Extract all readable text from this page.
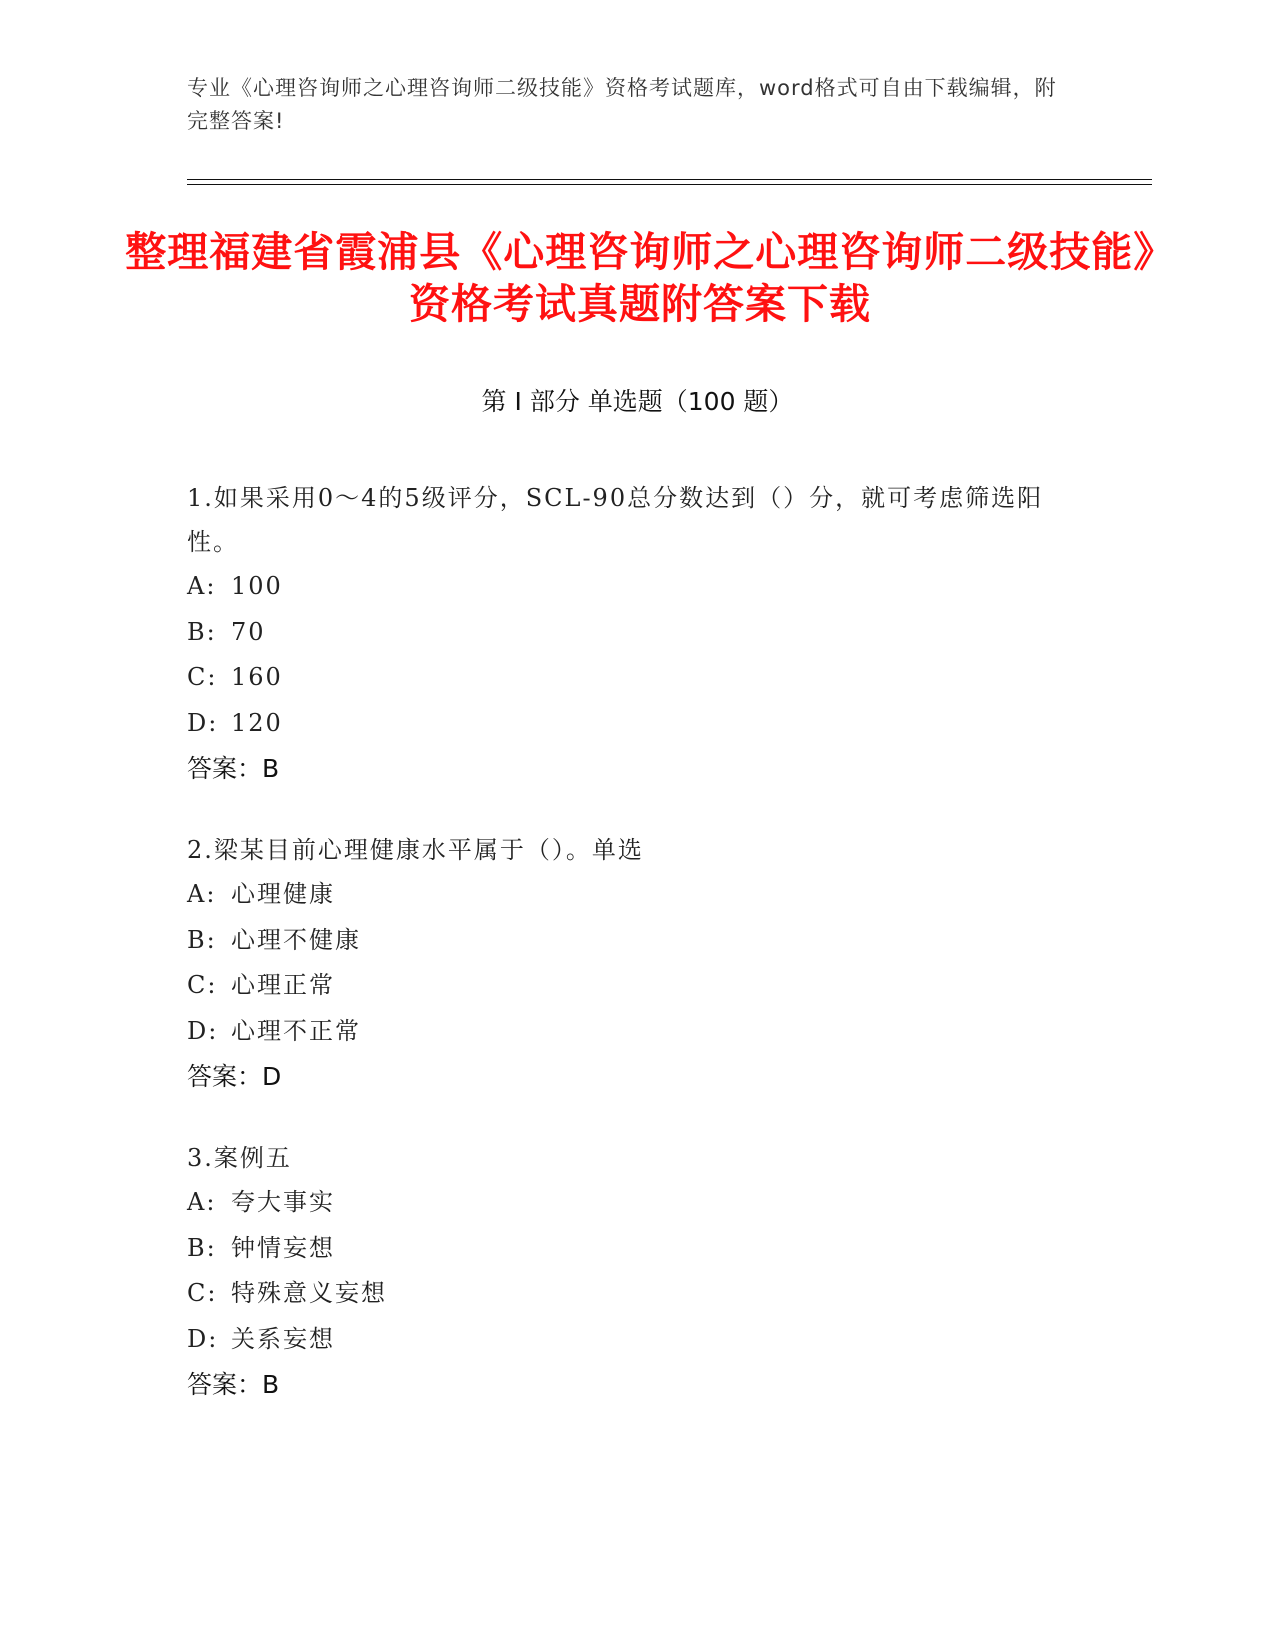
专业《心理咨询师之心理咨询师二级技能》资格考试题库，word格式可自由下载编辑，附完整答案!
整理福建省霞浦县《心理咨询师之心理咨询师二级技能》资格考试真题附答案下载
第 I 部分 单选题（100 题）

1.如果采用0～4的5级评分，SCL-90总分数达到（）分，就可考虑筛选阳性。

A: 100
B: 70
C: 160
D: 120
答案： B

2.梁某目前心理健康水平属于（）。单选

A: 心理健康
B: 心理不健康
C: 心理正常
D: 心理不正常
答案： D

3.案例五

A: 夸大事实
B: 钟情妄想
C: 特殊意义妄想
D: 关系妄想
答案： B
